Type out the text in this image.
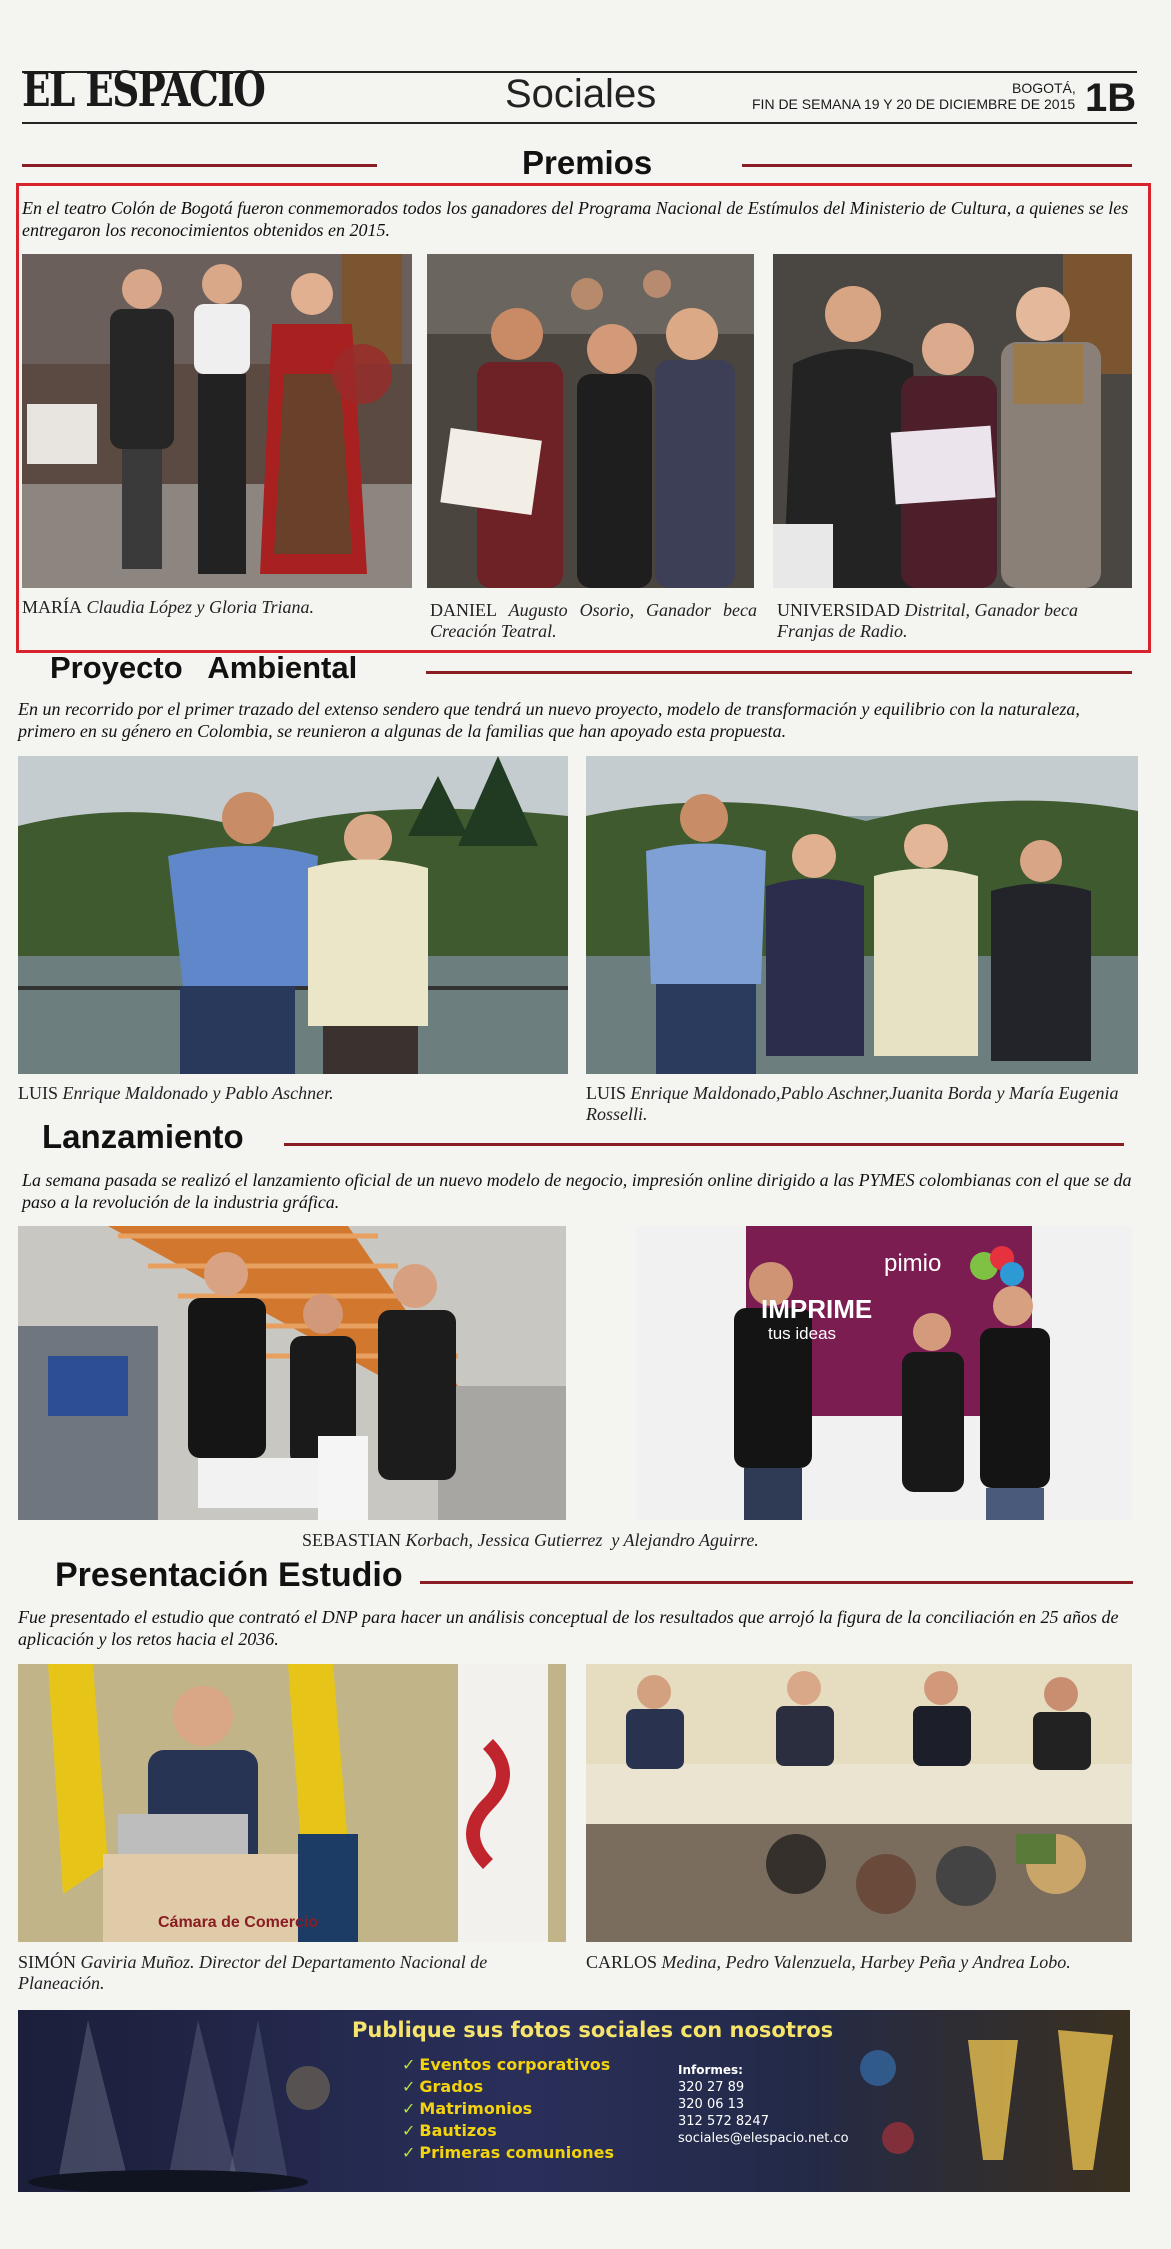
EL ESPACIO	Sociales	BOGOTÁ,
FIN DE SEMANA 19 Y 20 DE DICIEMBRE DE 2015 1B
Premios
En el teatro Colón de Bogotá fueron conmemorados todos los ganadores del Programa Nacional de Estímulos del Ministerio de Cultura, a quienes se les entregaron los reconocimientos obtenidos en 2015.
MARÍA Claudia López y Gloria Triana.	DANIEL Augusto Osorio, Ganador beca Creación Teatral.
UNIVERSIDAD Distrital, Ganador beca Franjas de Radio.
Proyecto   Ambiental
En un recorrido por el primer trazado del extenso sendero que tendrá un nuevo proyecto, modelo de transformación y equilibrio con la naturaleza, primero en su género en Colombia, se reunieron a algunas de la familias que han apoyado esta propuesta.
LUIS Enrique Maldonado y Pablo Aschner.	LUIS Enrique Maldonado,Pablo Aschner,Juanita Borda y María Eugenia Rosselli.
Lanzamiento
La semana pasada se realizó el lanzamiento oficial de un nuevo modelo de negocio, impresión online dirigido a las PYMES colombianas con el que se da paso a la revolución de la industria gráfica.
IMPRIME
tus ideas
pimio
SEBASTIAN Korbach, Jessica Gutierrez  y Alejandro Aguirre.
Presentación Estudio
Fue presentado el estudio que contrató el DNP para hacer un análisis conceptual de los resultados que arrojó la figura de la conciliación en 25 años de aplicación y los retos hacia el 2036.
Cámara de Comercio
SIMÓN Gaviria Muñoz. Director del Departamento Nacional de Planeación.
CARLOS Medina, Pedro Valenzuela, Harbey Peña y Andrea Lobo.
Publique sus fotos sociales con nosotros
✓ Eventos corporativos
✓ Grados
✓ Matrimonios
✓ Bautizos
✓ Primeras comuniones
Informes:
320 27 89
320 06 13
312 572 8247
sociales@elespacio.net.co
